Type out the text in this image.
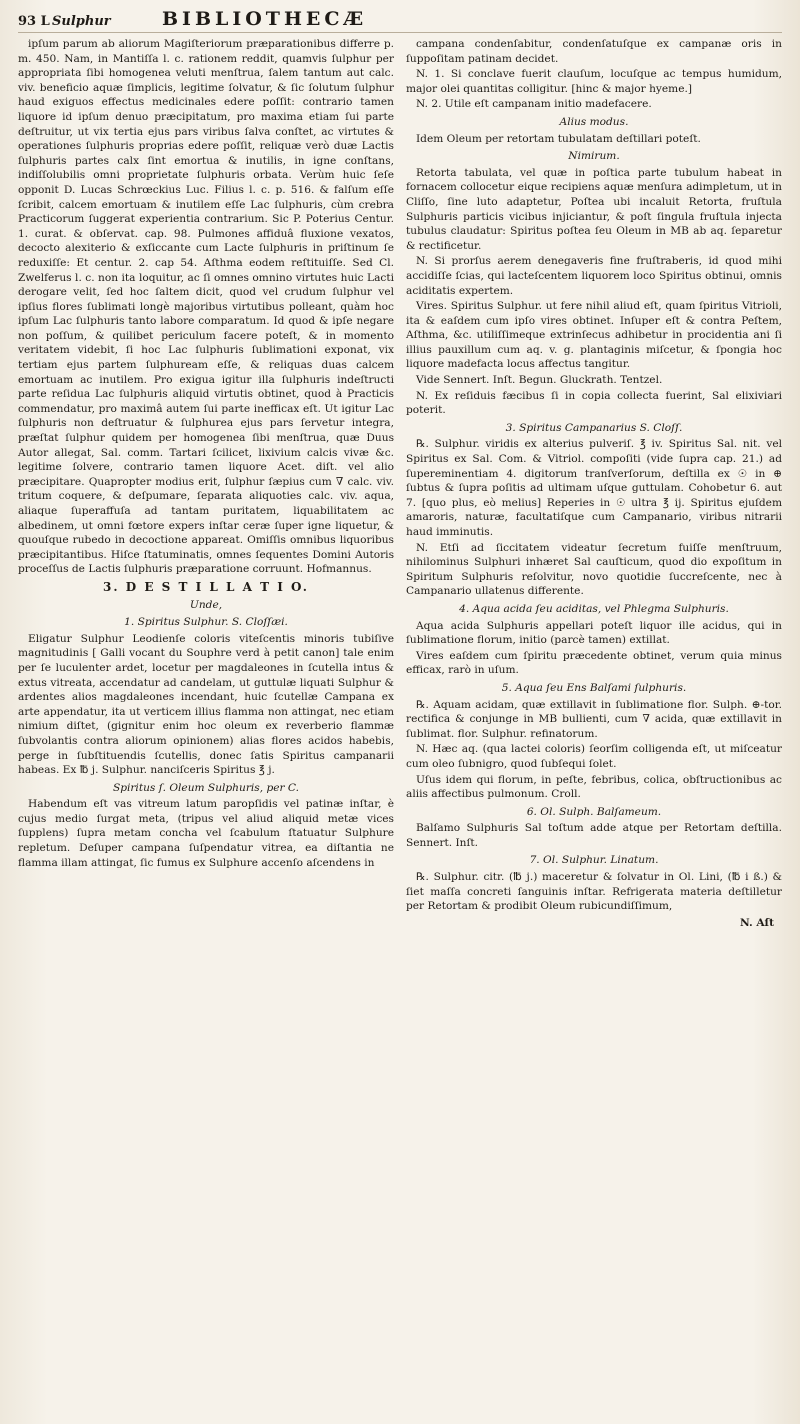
93 L Sulphur	BIBLIOTHECÆ

ipſum parum ab aliorum Magiſteriorum præparationibus differre p. m. 450. Nam, in Mantiſſa l. c. rationem reddit, quamvis ſulphur per appropriata ſibi homogenea veluti menſtrua, ſalem tantum aut calc. viv. beneficio aquæ ſimplicis, legitime ſolvatur, & ſic ſolutum ſulphur haud exiguos effectus medicinales edere poſſit: contrario tamen liquore id ipſum denuo præcipitatum, pro maxima etiam ſui parte deſtruitur, ut vix tertia ejus pars viribus ſalva conſtet, ac virtutes & operationes ſulphuris proprias edere poſſit, reliquæ verò duæ Lactis ſulphuris partes calx ſint emortua & inutilis, in igne conſtans, indiſſolubilis omni proprietate ſulphuris orbata. Verùm huic ſeſe opponit D. Lucas Schrœckius Luc. Filius l. c. p. 516. & falſum eſſe ſcribit, calcem emortuam & inutilem eſſe Lac ſulphuris, cùm crebra Practicorum ſuggerat experientia contrarium. Sic P. Poterius Centur. 1. curat. & obſervat. cap. 98. Pulmones affiduâ fluxione vexatos, decocto alexiterio & exſiccante cum Lacte ſulphuris in priſtinum ſe reduxiſſe: Et centur. 2. cap 54. Aſthma eodem reſtituiſſe. Sed Cl. Zwelferus l. c. non ita loquitur, ac ſi omnes omnino virtutes huic Lacti derogare velit, ſed hoc ſaltem dicit, quod vel crudum ſulphur vel ipſius flores ſublimati longè majoribus virtutibus polleant, quàm hoc ipſum Lac ſulphuris tanto labore comparatum. Id quod & ipſe negare non poſſum, & quilibet periculum facere poteſt, & in momento veritatem videbit, ſi hoc Lac ſulphuris ſublimationi exponat, vix tertiam ejus partem ſulphuream eſſe, & reliquas duas calcem emortuam ac inutilem. Pro exigua igitur illa ſulphuris indeſtructi parte reſidua Lac ſulphuris aliquid virtutis obtinet, quod à Practicis commendatur, pro maximâ autem ſui parte inefficax eſt. Ut igitur Lac ſulphuris non deſtruatur & ſulphurea ejus pars ſervetur integra, præſtat ſulphur quidem per homogenea ſibi menſtrua, quæ Duus Autor allegat, Sal. comm. Tartari ſcilicet, lixivium calcis vivæ &c. legitime ſolvere, contrario tamen liquore Acet. diſt. vel alio præcipitare. Quapropter modius erit, ſulphur ſæpius cum ∇ calc. viv. tritum coquere, & deſpumare, ſeparata aliquoties calc. viv. aqua, aliaque ſuperaffuſa ad tantam puritatem, liquabilitatem ac albedinem, ut omni fœtore expers inſtar ceræ ſuper igne liquetur, & quouſque rubedo in decoctione appareat. Omiſſis omnibus liquoribus præcipitantibus. Hiſce ſtatuminatis, omnes ſequentes Domini Autoris proceſſus de Lactis ſulphuris præparatione corruunt. Hofmannus.

3. D E S T I L L A T I O.

Unde,

1. Spiritus Sulphur. S. Cloſſæi.

Eligatur Sulphur Leodienſe coloris viteſcentis minoris tubiſive magnitudinis [ Galli vocant du Souphre verd à petit canon] tale enim per ſe luculenter ardet, locetur per magdaleones in ſcutella intus & extus vitreata, accendatur ad candelam, ut guttulæ liquati Sulphur & ardentes alios magdaleones incendant, huic ſcutellæ Campana ex arte appendatur, ita ut verticem illius flamma non attingat, nec etiam nimium diſtet, (gignitur enim hoc oleum ex reverberio flammæ ſubvolantis contra aliorum opinionem) alias flores acidos habebis, perge in ſubſtituendis ſcutellis, donec ſatis Spiritus campanarii habeas. Ex ℔ j. Sulphur. nanciſceris Spiritus ℥ j.

Spiritus ſ. Oleum Sulphuris, per C.

Habendum eſt vas vitreum latum paropſidis vel patinæ inſtar, è cujus medio ſurgat meta, (tripus vel aliud aliquid metæ vices ſupplens) ſupra metam concha vel ſcabulum ſtatuatur Sulphure repletum. Deſuper campana ſuſpendatur vitrea, ea diſtantia ne flamma illam attingat, ſic fumus ex Sulphure accenſo aſcendens in

campana condenſabitur, condenſatuſque ex campanæ oris in ſuppoſitam patinam decidet.

N. 1. Si conclave fuerit clauſum, locuſque ac tempus humidum, major olei quantitas colligitur. [hinc & major hyeme.]

N. 2. Utile eſt campanam initio madefacere.

Alius modus.

Idem Oleum per retortam tubulatam deſtillari poteſt.

Nimirum.

Retorta tabulata, vel quæ in poſtica parte tubulum habeat in fornacem collocetur eique recipiens aquæ menſura adimpletum, ut in Cliſſo, ſine luto adaptetur, Poſtea ubi incaluit Retorta, fruſtula Sulphuris particis vicibus injiciantur, & poſt ſingula fruſtula injecta tubulus claudatur: Spiritus poſtea ſeu Oleum in MB ab aq. ſeparetur & rectificetur.

N. Si prorſus aerem denegaveris fine fruſtraberis, id quod mihi accidiſſe ſcias, qui lacteſcentem liquorem loco Spiritus obtinui, omnis aciditatis expertem.

Vires. Spiritus Sulphur. ut fere nihil aliud eſt, quam ſpiritus Vitrioli, ita & eaſdem cum ipſo vires obtinet. Inſuper eſt & contra Peſtem, Aſthma, &c. utiliſſimeque extrinſecus adhibetur in procidentia ani ſi illius pauxillum cum aq. v. g. plantaginis miſcetur, & ſpongia hoc liquore madefacta locus affectus tangitur.

Vide Sennert. Inſt. Begun. Gluckrath. Tentzel.

N. Ex reſiduis fæcibus ſi in copia collecta fuerint, Sal elixiviari poterit.

3. Spiritus Campanarius S. Cloſſ.

℞. Sulphur. viridis ex alterius pulveriſ. ℥ iv. Spiritus Sal. nit. vel Spiritus ex Sal. Com. & Vitriol. compoſiti (vide ſupra cap. 21.) ad ſupereminentiam 4. digitorum tranſverſorum, deſtilla ex ☉ in ⊕ ſubtus & ſupra poſitis ad ultimam uſque guttulam. Cohobetur 6. aut 7. [quo plus, eò melius] Reperies in ☉ ultra ℥ ij. Spiritus ejuſdem amaroris, naturæ, facultatiſque cum Campanario, viribus nitrarii haud imminutis.

N. Etſi ad ſiccitatem videatur ſecretum fuiſſe menſtruum, nihilominus Sulphuri inhæret Sal cauſticum, quod dio expoſitum in Spiritum Sulphuris reſolvitur, novo quotidie ſuccreſcente, nec à Campanario ullatenus differente.

4. Aqua acida ſeu aciditas, vel Phlegma Sulphuris.

Aqua acida Sulphuris appellari poteſt liquor ille acidus, qui in ſublimatione florum, initio (parcè tamen) extillat.

Vires eaſdem cum ſpiritu præcedente obtinet, verum quia minus efficax, rarò in uſum.

5. Aqua ſeu Ens Balſami ſulphuris.

℞. Aquam acidam, quæ extillavit in ſublimatione flor. Sulph. ⊕-tor. rectifica & conjunge in MB bullienti, cum ∇ acida, quæ extillavit in ſublimat. flor. Sulphur. refinatorum.

N. Hæc aq. (qua lactei coloris) ſeorſim colligenda eſt, ut miſceatur cum oleo ſubnigro, quod ſubſequi ſolet.

Uſus idem qui florum, in peſte, febribus, colica, obſtructionibus ac aliis affectibus pulmonum. Croll.

6. Ol. Sulph. Balſameum.

Balſamo Sulphuris Sal toſtum adde atque per Retortam deſtilla. Sennert. Inſt.

7. Ol. Sulphur. Linatum.

℞. Sulphur. citr. (℔ j.) maceretur & ſolvatur in Ol. Lini, (℔ i ß.) & ſiet maſſa concreti ſanguinis inſtar. Refrigerata materia deſtilletur per Retortam & prodibit Oleum rubicundiſſimum,

N. Aſt
